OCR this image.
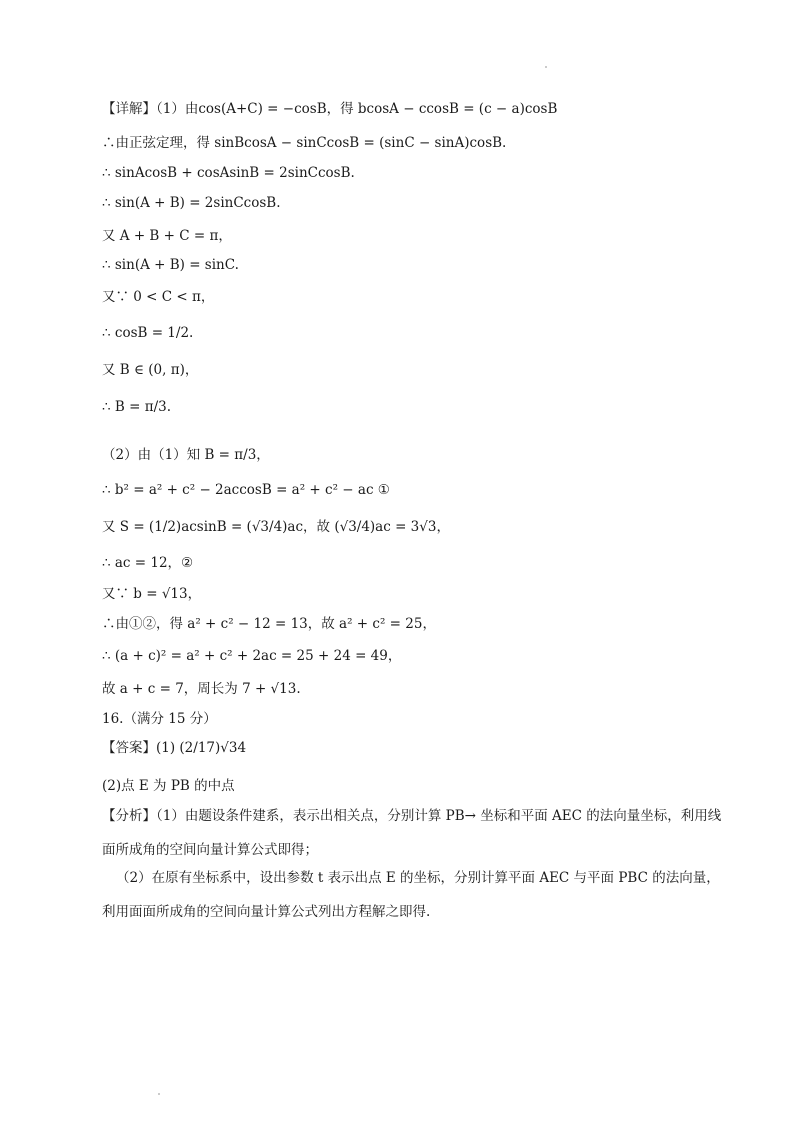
【详解】（1）由cos(A+C) = −cosB，得 bcosA − ccosB = (c − a)cosB
∴由正弦定理，得 sinBcosA − sinCcosB = (sinC − sinA)cosB.
∴ sinAcosB + cosAsinB = 2sinCcosB.
∴ sin(A + B) = 2sinCcosB.
又 A + B + C = π，
∴ sin(A + B) = sinC.
又∵ 0 < C < π，
∴ cosB = 1/2.
又 B ∈ (0, π)，
∴ B = π/3.
（2）由（1）知 B = π/3，
∴ b² = a² + c² − 2accosB = a² + c² − ac ①
又 S = (1/2)acsinB = (√3/4)ac，故 (√3/4)ac = 3√3，
∴ ac = 12，②
又∵ b = √13，
∴由①②，得 a² + c² − 12 = 13，故 a² + c² = 25，
∴ (a + c)² = a² + c² + 2ac = 25 + 24 = 49，
故 a + c = 7，周长为 7 + √13.
16.（满分 15 分）
【答案】(1) (2/17)√34
(2)点 E 为 PB 的中点
【分析】（1）由题设条件建系，表示出相关点，分别计算 PB→ 坐标和平面 AEC 的法向量坐标，利用线面所成角的空间向量计算公式即得；
（2）在原有坐标系中，设出参数 t 表示出点 E 的坐标，分别计算平面 AEC 与平面 PBC 的法向量，利用面面所成角的空间向量计算公式列出方程解之即得.
